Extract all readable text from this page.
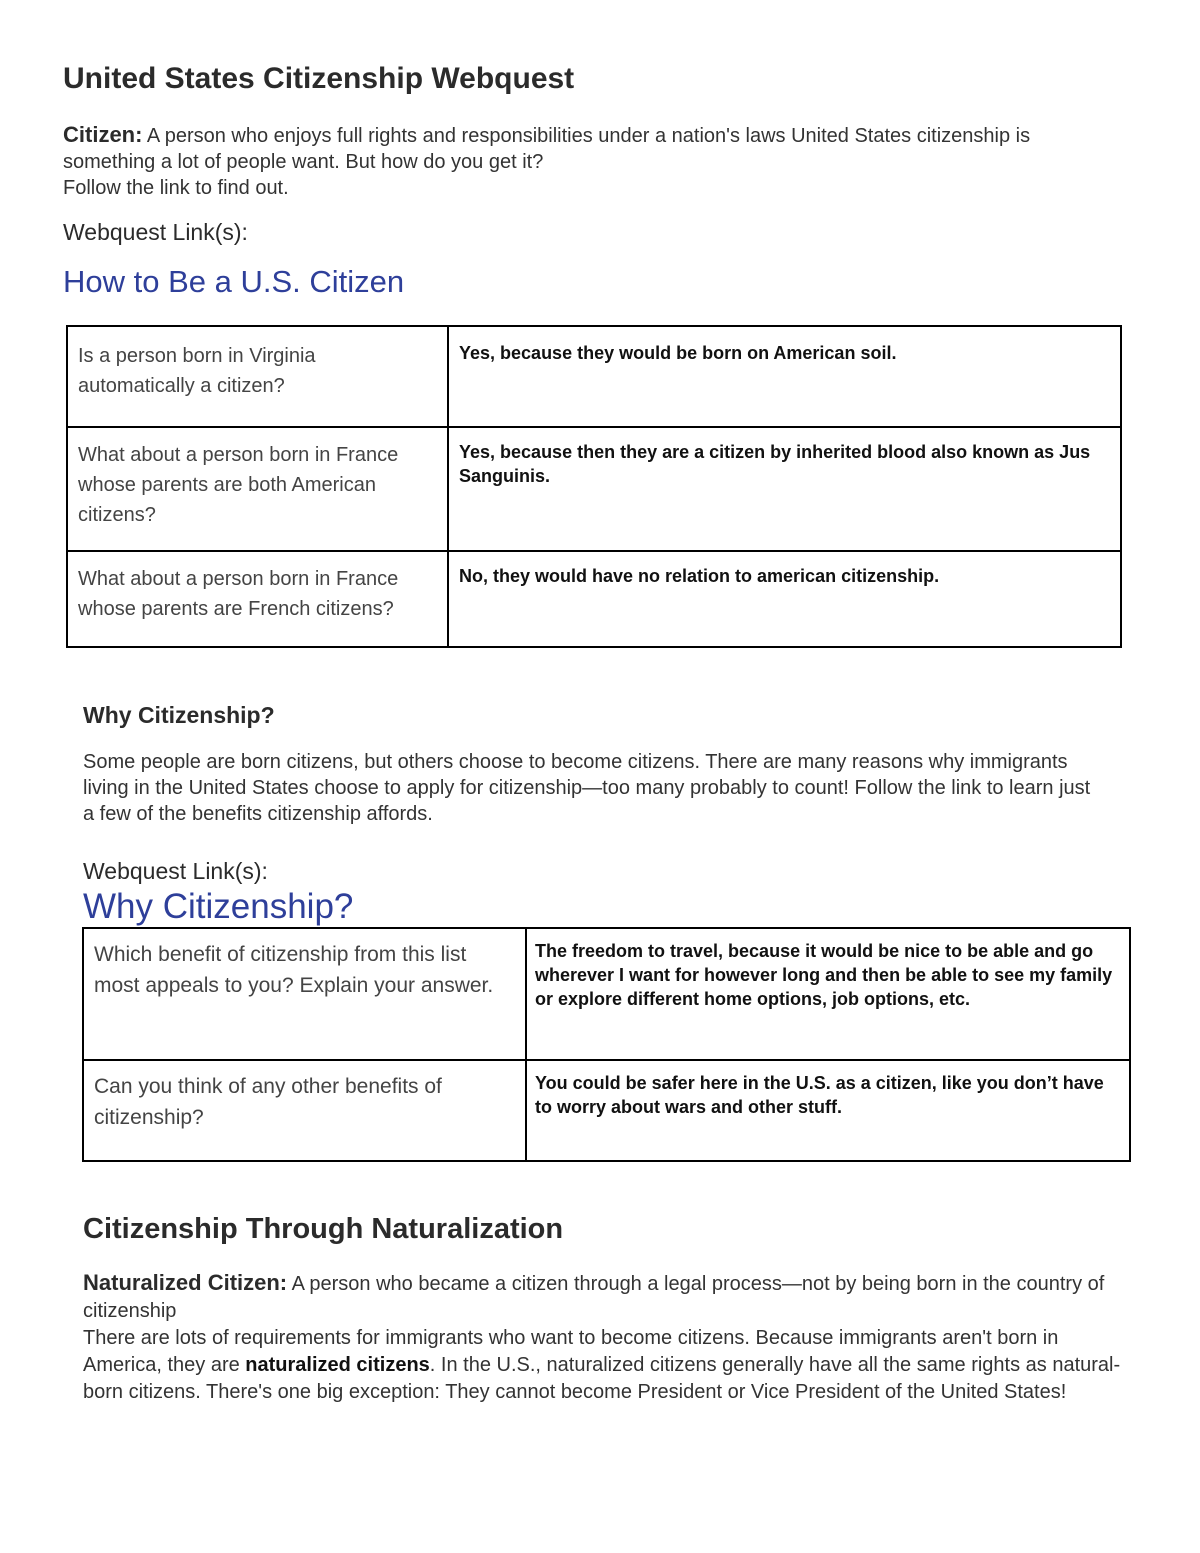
United States Citizenship Webquest
Citizen: A person who enjoys full rights and responsibilities under a nation's laws United States citizenship is something a lot of people want. But how do you get it?
Follow the link to find out.
Webquest Link(s):
How to Be a U.S. Citizen
Is a person born in Virginia automatically a citizen?	Yes, because they would be born on American soil.
What about a person born in France whose parents are both American citizens?	Yes, because then they are a citizen by inherited blood also known as Jus Sanguinis.
What about a person born in France whose parents are French citizens?	No, they would have no relation to american citizenship.
Why Citizenship?
Some people are born citizens, but others choose to become citizens. There are many reasons why immigrants living in the United States choose to apply for citizenship—too many probably to count! Follow the link to learn just a few of the benefits citizenship affords.
Webquest Link(s):
Why Citizenship?
Which benefit of citizenship from this list most appeals to you? Explain your answer.	The freedom to travel, because it would be nice to be able and go wherever I want for however long and then be able to see my family or explore different home options, job options, etc.
Can you think of any other benefits of citizenship?	You could be safer here in the U.S. as a citizen, like you don’t have to worry about wars and other stuff.
Citizenship Through Naturalization
Naturalized Citizen: A person who became a citizen through a legal process—not by being born in the country of citizenship
There are lots of requirements for immigrants who want to become citizens. Because immigrants aren't born in America, they are naturalized citizens. In the U.S., naturalized citizens generally have all the same rights as natural-born citizens. There's one big exception: They cannot become President or Vice President of the United States!
